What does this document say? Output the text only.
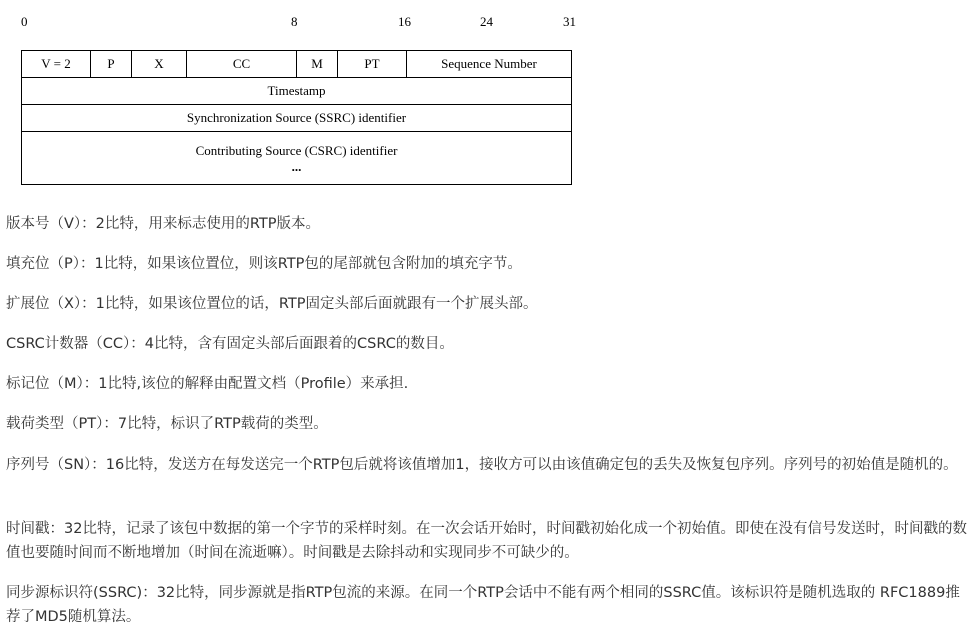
0	8	16	24	31
V = 2	P	X	CC	M	PT	Sequence Number
Timestamp
Synchronization Source (SSRC) identifier
Contributing Source (CSRC) identifier
...
版本号（V）：2比特，用来标志使用的RTP版本。
填充位（P）：1比特，如果该位置位，则该RTP包的尾部就包含附加的填充字节。
扩展位（X）：1比特，如果该位置位的话，RTP固定头部后面就跟有一个扩展头部。
CSRC计数器（CC）：4比特，含有固定头部后面跟着的CSRC的数目。
标记位（M）：1比特,该位的解释由配置文档（Profile）来承担.
载荷类型（PT）：7比特，标识了RTP载荷的类型。
序列号（SN）：16比特，发送方在每发送完一个RTP包后就将该值增加1，接收方可以由该值确定包的丢失及恢复包序列。序列号的初始值是随机的。
时间戳：32比特，记录了该包中数据的第一个字节的采样时刻。在一次会话开始时，时间戳初始化成一个初始值。即使在没有信号发送时，时间戳的数值也要随时间而不断地增加（时间在流逝嘛）。时间戳是去除抖动和实现同步不可缺少的。
同步源标识符(SSRC)：32比特，同步源就是指RTP包流的来源。在同一个RTP会话中不能有两个相同的SSRC值。该标识符是随机选取的 RFC1889推荐了MD5随机算法。
